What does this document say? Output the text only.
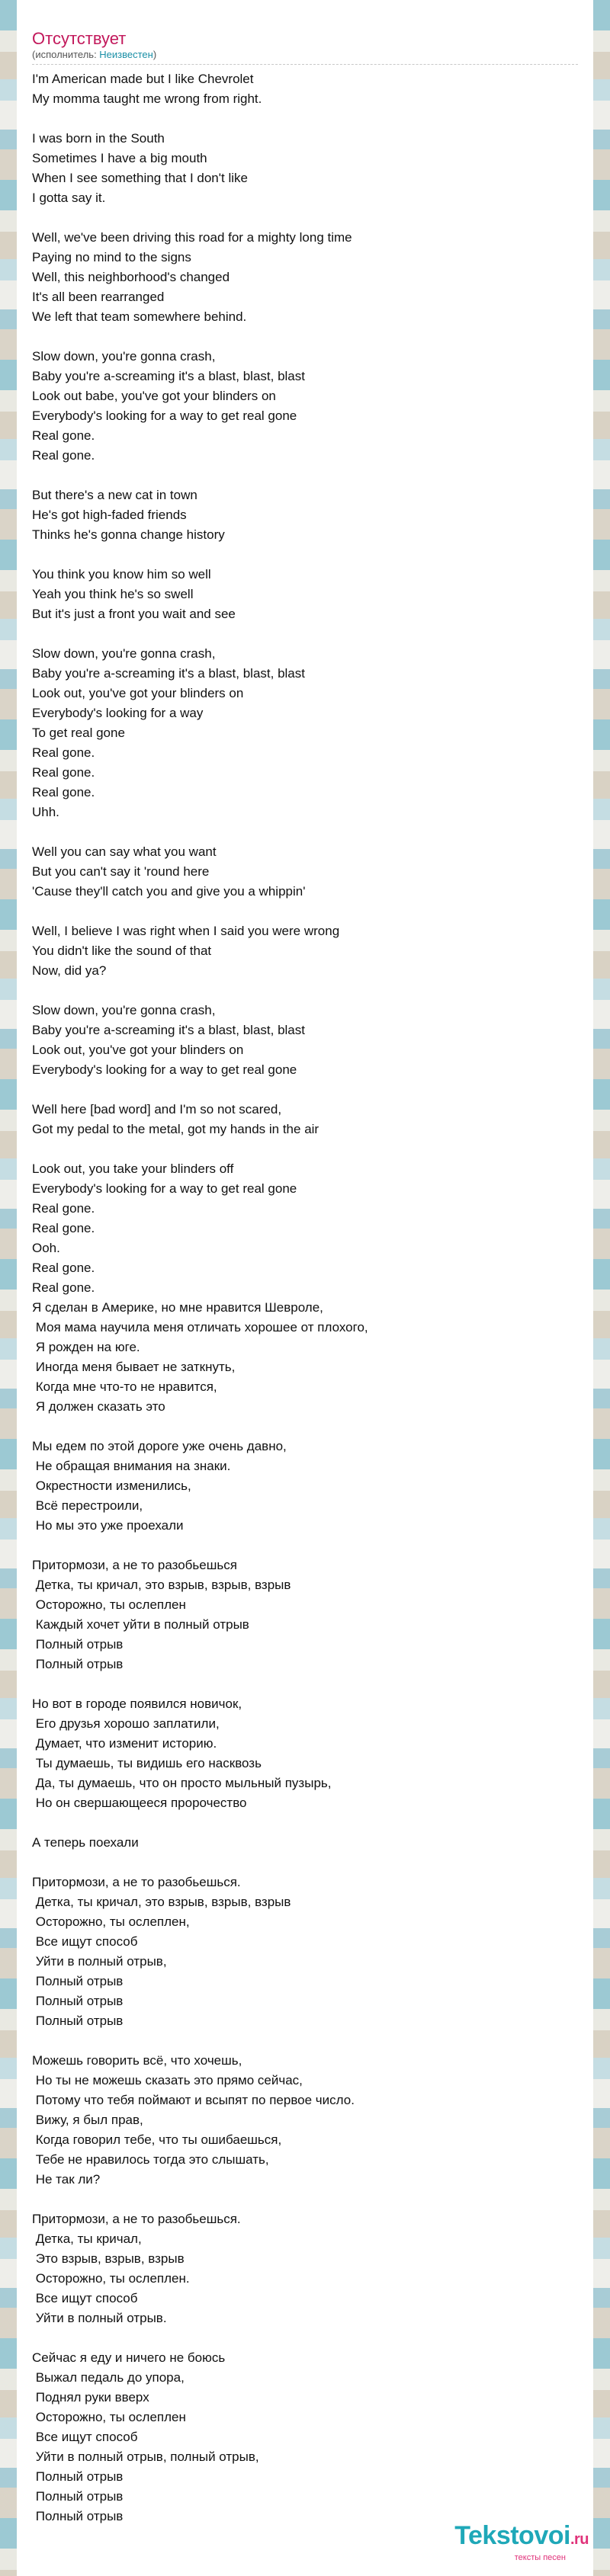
Отсутствует
(исполнитель: Неизвестен)
I'm American made but I like Chevrolet
My momma taught me wrong from right.

I was born in the South
Sometimes I have a big mouth
When I see something that I don't like
I gotta say it.

Well, we've been driving this road for a mighty long time
Paying no mind to the signs
Well, this neighborhood's changed
It's all been rearranged
We left that team somewhere behind.

Slow down, you're gonna crash,
Baby you're a-screaming it's a blast, blast, blast
Look out babe, you've got your blinders on
Everybody's looking for a way to get real gone
Real gone.
Real gone.

But there's a new cat in town
He's got high-faded friends
Thinks he's gonna change history

You think you know him so well
Yeah you think he's so swell
But it's just a front you wait and see

Slow down, you're gonna crash,
Baby you're a-screaming it's a blast, blast, blast
Look out, you've got your blinders on
Everybody's looking for a way
To get real gone
Real gone.
Real gone.
Real gone.
Uhh.

Well you can say what you want
But you can't say it 'round here
'Cause they'll catch you and give you a whippin'

Well, I believe I was right when I said you were wrong
You didn't like the sound of that
Now, did ya?

Slow down, you're gonna crash,
Baby you're a-screaming it's a blast, blast, blast
Look out, you've got your blinders on
Everybody's looking for a way to get real gone

Well here [bad word] and I'm so not scared,
Got my pedal to the metal, got my hands in the air

Look out, you take your blinders off
Everybody's looking for a way to get real gone
Real gone.
Real gone.
Ooh.
Real gone.
Real gone.
Я сделан в Америке, но мне нравится Шевроле,
Моя мама научила меня отличать хорошее от плохого,
Я рожден на юге.
Иногда меня бывает не заткнуть,
Когда мне что-то не нравится,
Я должен сказать это

Мы едем по этой дороге уже очень давно,
Не обращая внимания на знаки.
Окрестности изменились,
Всё перестроили,
Но мы это уже проехали

Притормози, а не то разобьешься
Детка, ты кричал, это взрыв, взрыв, взрыв
Осторожно, ты ослеплен
Каждый хочет уйти в полный отрыв
Полный отрыв
Полный отрыв

Но вот в городе появился новичок,
Его друзья хорошо заплатили,
Думает, что изменит историю.
Ты думаешь, ты видишь его насквозь
Да, ты думаешь, что он просто мыльный пузырь,
Но он свершающееся пророчество

А теперь поехали

Притормози, а не то разобьешься.
Детка, ты кричал, это взрыв, взрыв, взрыв
Осторожно, ты ослеплен,
Все ищут способ
Уйти в полный отрыв,
Полный отрыв
Полный отрыв
Полный отрыв

Можешь говорить всё, что хочешь,
Но ты не можешь сказать это прямо сейчас,
Потому что тебя поймают и всыпят по первое число.
Вижу, я был прав,
Когда говорил тебе, что ты ошибаешься,
Тебе не нравилось тогда это слышать,
Не так ли?

Притормози, а не то разобьешься.
Детка, ты кричал,
Это взрыв, взрыв, взрыв
Осторожно, ты ослеплен.
Все ищут способ
Уйти в полный отрыв.

Сейчас я еду и ничего не боюсь
Выжал педаль до упора,
Поднял руки вверх
Осторожно, ты ослеплен
Все ищут способ
Уйти в полный отрыв, полный отрыв,
Полный отрыв
Полный отрыв
Полный отрыв
Tekstovoi.ru
тексты песен
